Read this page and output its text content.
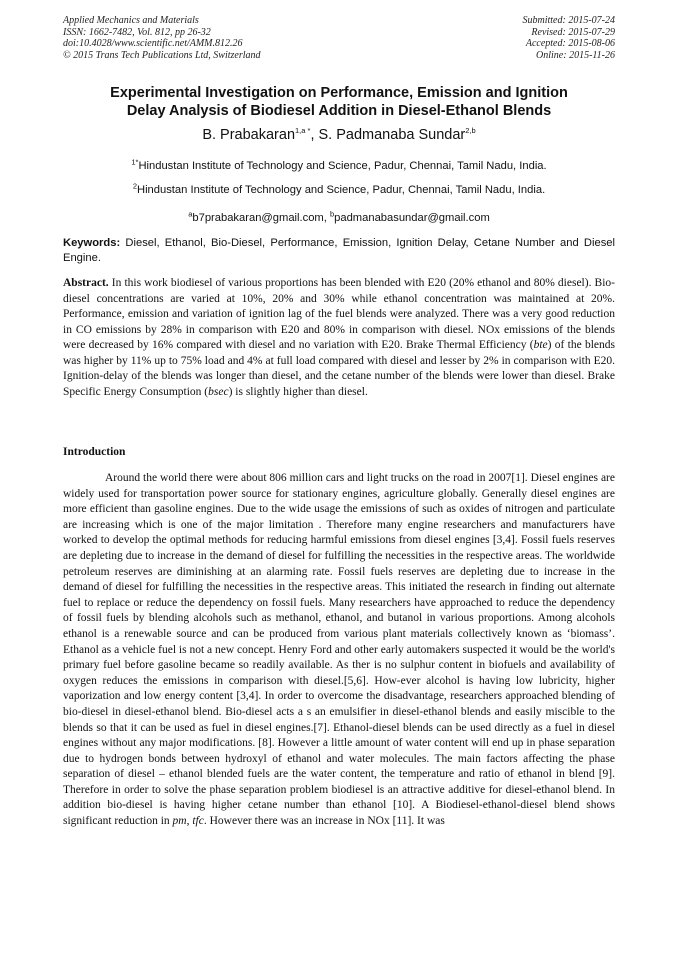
Applied Mechanics and Materials
ISSN: 1662-7482, Vol. 812, pp 26-32
doi:10.4028/www.scientific.net/AMM.812.26
© 2015 Trans Tech Publications Ltd, Switzerland
Submitted: 2015-07-24
Revised: 2015-07-29
Accepted: 2015-08-06
Online: 2015-11-26
Experimental Investigation on Performance, Emission and Ignition
Delay Analysis of Biodiesel Addition in Diesel-Ethanol Blends
B. Prabakaran$^{1,a *}$, S. Padmanaba Sundar$^{2,b}$
$^{1*}$Hindustan Institute of Technology and Science, Padur, Chennai, Tamil Nadu, India.
$^2$Hindustan Institute of Technology and Science, Padur, Chennai, Tamil Nadu, India.
$^a$b7prabakaran@gmail.com, $^b$padmanabasundar@gmail.com
Keywords: Diesel, Ethanol, Bio-Diesel, Performance, Emission, Ignition Delay, Cetane Number and Diesel Engine.
Abstract. In this work biodiesel of various proportions has been blended with E20 (20% ethanol and 80% diesel). Bio-diesel concentrations are varied at 10%, 20% and 30% while ethanol concentration was maintained at 20%. Performance, emission and variation of ignition lag of the fuel blends were analyzed. There was a very good reduction in CO emissions by 28% in comparison with E20 and 80% in comparison with diesel. NOx emissions of the blends were decreased by 16% compared with diesel and no variation with E20. Brake Thermal Efficiency (bte) of the blends was higher by 11% up to 75% load and 4% at full load compared with diesel and lesser by 2% in comparison with E20. Ignition-delay of the blends was longer than diesel, and the cetane number of the blends were lower than diesel. Brake Specific Energy Consumption (bsec) is slightly higher than diesel.
Introduction
Around the world there were about 806 million cars and light trucks on the road in 2007[1]. Diesel engines are widely used for transportation power source for stationary engines, agriculture globally. Generally diesel engines are more efficient than gasoline engines. Due to the wide usage the emissions of such as oxides of nitrogen and particulate are increasing which is one of the major limitation . Therefore many engine researchers and manufacturers have worked to develop the optimal methods for reducing harmful emissions from diesel engines [3,4]. Fossil fuels reserves are depleting due to increase in the demand of diesel for fulfilling the necessities in the respective areas. The worldwide petroleum reserves are diminishing at an alarming rate. Fossil fuels reserves are depleting due to increase in the demand of diesel for fulfilling the necessities in the respective areas. This initiated the research in finding out alternate fuel to replace or reduce the dependency on fossil fuels. Many researchers have approached to reduce the dependency of fossil fuels by blending alcohols such as methanol, ethanol, and butanol in various proportions. Among alcohols ethanol is a renewable source and can be produced from various plant materials collectively known as ‘biomass’. Ethanol as a vehicle fuel is not a new concept. Henry Ford and other early automakers suspected it would be the world's primary fuel before gasoline became so readily available. As ther is no sulphur content in biofuels and availability of oxygen reduces the emissions in comparison with diesel.[5,6]. How-ever alcohol is having low lubricity, higher vaporization and low energy content [3,4]. In order to overcome the disadvantage, researchers approached blending of bio-diesel in diesel-ethanol blend. Bio-diesel acts a s an emulsifier in diesel-ethanol blends and easily miscible to the blends so that it can be used as fuel in diesel engines.[7]. Ethanol-diesel blends can be used directly as a fuel in diesel engines without any major modifications. [8]. However a little amount of water content will end up in phase separation due to hydrogen bonds between hydroxyl of ethanol and water molecules. The main factors affecting the phase separation of diesel – ethanol blended fuels are the water content, the temperature and ratio of ethanol in blend [9]. Therefore in order to solve the phase separation problem biodiesel is an attractive additive for diesel-ethanol blend. In addition bio-diesel is having higher cetane number than ethanol [10]. A Biodiesel-ethanol-diesel blend shows significant reduction in pm, tfc. However there was an increase in NOx [11]. It was
